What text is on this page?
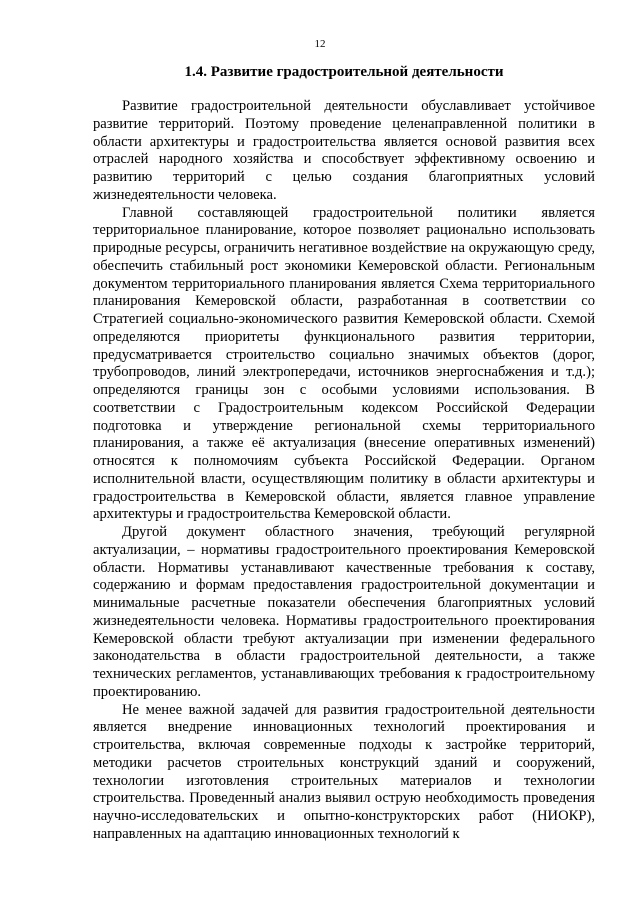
12
1.4. Развитие градостроительной деятельности

Развитие градостроительной деятельности обуславливает устойчивое развитие территорий. Поэтому проведение целенаправленной политики в области архитектуры и градостроительства является основой развития всех отраслей народного хозяйства и способствует эффективному освоению и развитию территорий с целью создания благоприятных условий жизнедеятельности человека.

Главной составляющей градостроительной политики является территориальное планирование, которое позволяет рационально использовать природные ресурсы, ограничить негативное воздействие на окружающую среду, обеспечить стабильный рост экономики Кемеровской области. Региональным документом территориального планирования является Схема территориального планирования Кемеровской области, разработанная в соответствии со Стратегией социально-экономического развития Кемеровской области. Схемой определяются приоритеты функционального развития территории, предусматривается строительство социально значимых объектов (дорог, трубопроводов, линий электропередачи, источников энергоснабжения и т.д.); определяются границы зон с особыми условиями использования. В соответствии с Градостроительным кодексом Российской Федерации подготовка и утверждение региональной схемы территориального планирования, а также её актуализация (внесение оперативных изменений) относятся к полномочиям субъекта Российской Федерации. Органом исполнительной власти, осуществляющим политику в области архитектуры и градостроительства в Кемеровской области, является главное управление архитектуры и градостроительства Кемеровской области.

Другой документ областного значения, требующий регулярной актуализации, – нормативы градостроительного проектирования Кемеровской области. Нормативы устанавливают качественные требования к составу, содержанию и формам предоставления градостроительной документации и минимальные расчетные показатели обеспечения благоприятных условий жизнедеятельности человека. Нормативы градостроительного проектирования Кемеровской области требуют актуализации при изменении федерального законодательства в области градостроительной деятельности, а также технических регламентов, устанавливающих требования к градостроительному проектированию.

Не менее важной задачей для развития градостроительной деятельности является внедрение инновационных технологий проектирования и строительства, включая современные подходы к застройке территорий, методики расчетов строительных конструкций зданий и сооружений, технологии изготовления строительных материалов и технологии строительства. Проведенный анализ выявил острую необходимость проведения научно-исследовательских и опытно-конструкторских работ (НИОКР), направленных на адаптацию инновационных технологий к
